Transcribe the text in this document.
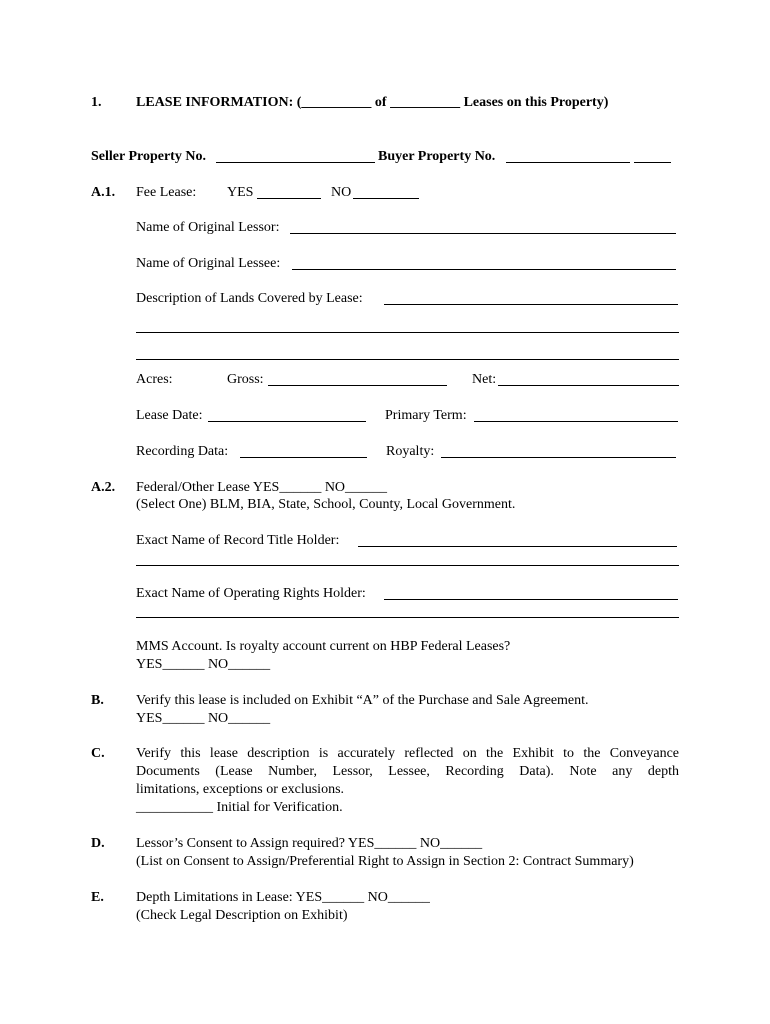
1. LEASE INFORMATION: (__________ of __________ Leases on this Property)
Seller Property No.	Buyer Property No.
A.1. Fee Lease: YES	NO
Name of Original Lessor:
Name of Original Lessee:
Description of Lands Covered by Lease:
Acres:	Gross:	Net:
Lease Date:	Primary Term:
Recording Data:	Royalty:
A.2. Federal/Other Lease YES______ NO______
(Select One) BLM, BIA, State, School, County, Local Government.
Exact Name of Record Title Holder:
Exact Name of Operating Rights Holder:
MMS Account. Is royalty account current on HBP Federal Leases?
YES______ NO______
B. Verify this lease is included on Exhibit “A” of the Purchase and Sale Agreement.
YES______ NO______
C. Verify this lease description is accurately reflected on the Exhibit to the Conveyance
Documents (Lease Number, Lessor, Lessee, Recording Data). Note any depth
limitations, exceptions or exclusions.
___________ Initial for Verification.
D. Lessor’s Consent to Assign required? YES______ NO______
(List on Consent to Assign/Preferential Right to Assign in Section 2: Contract Summary)
E. Depth Limitations in Lease: YES______ NO______
(Check Legal Description on Exhibit)
